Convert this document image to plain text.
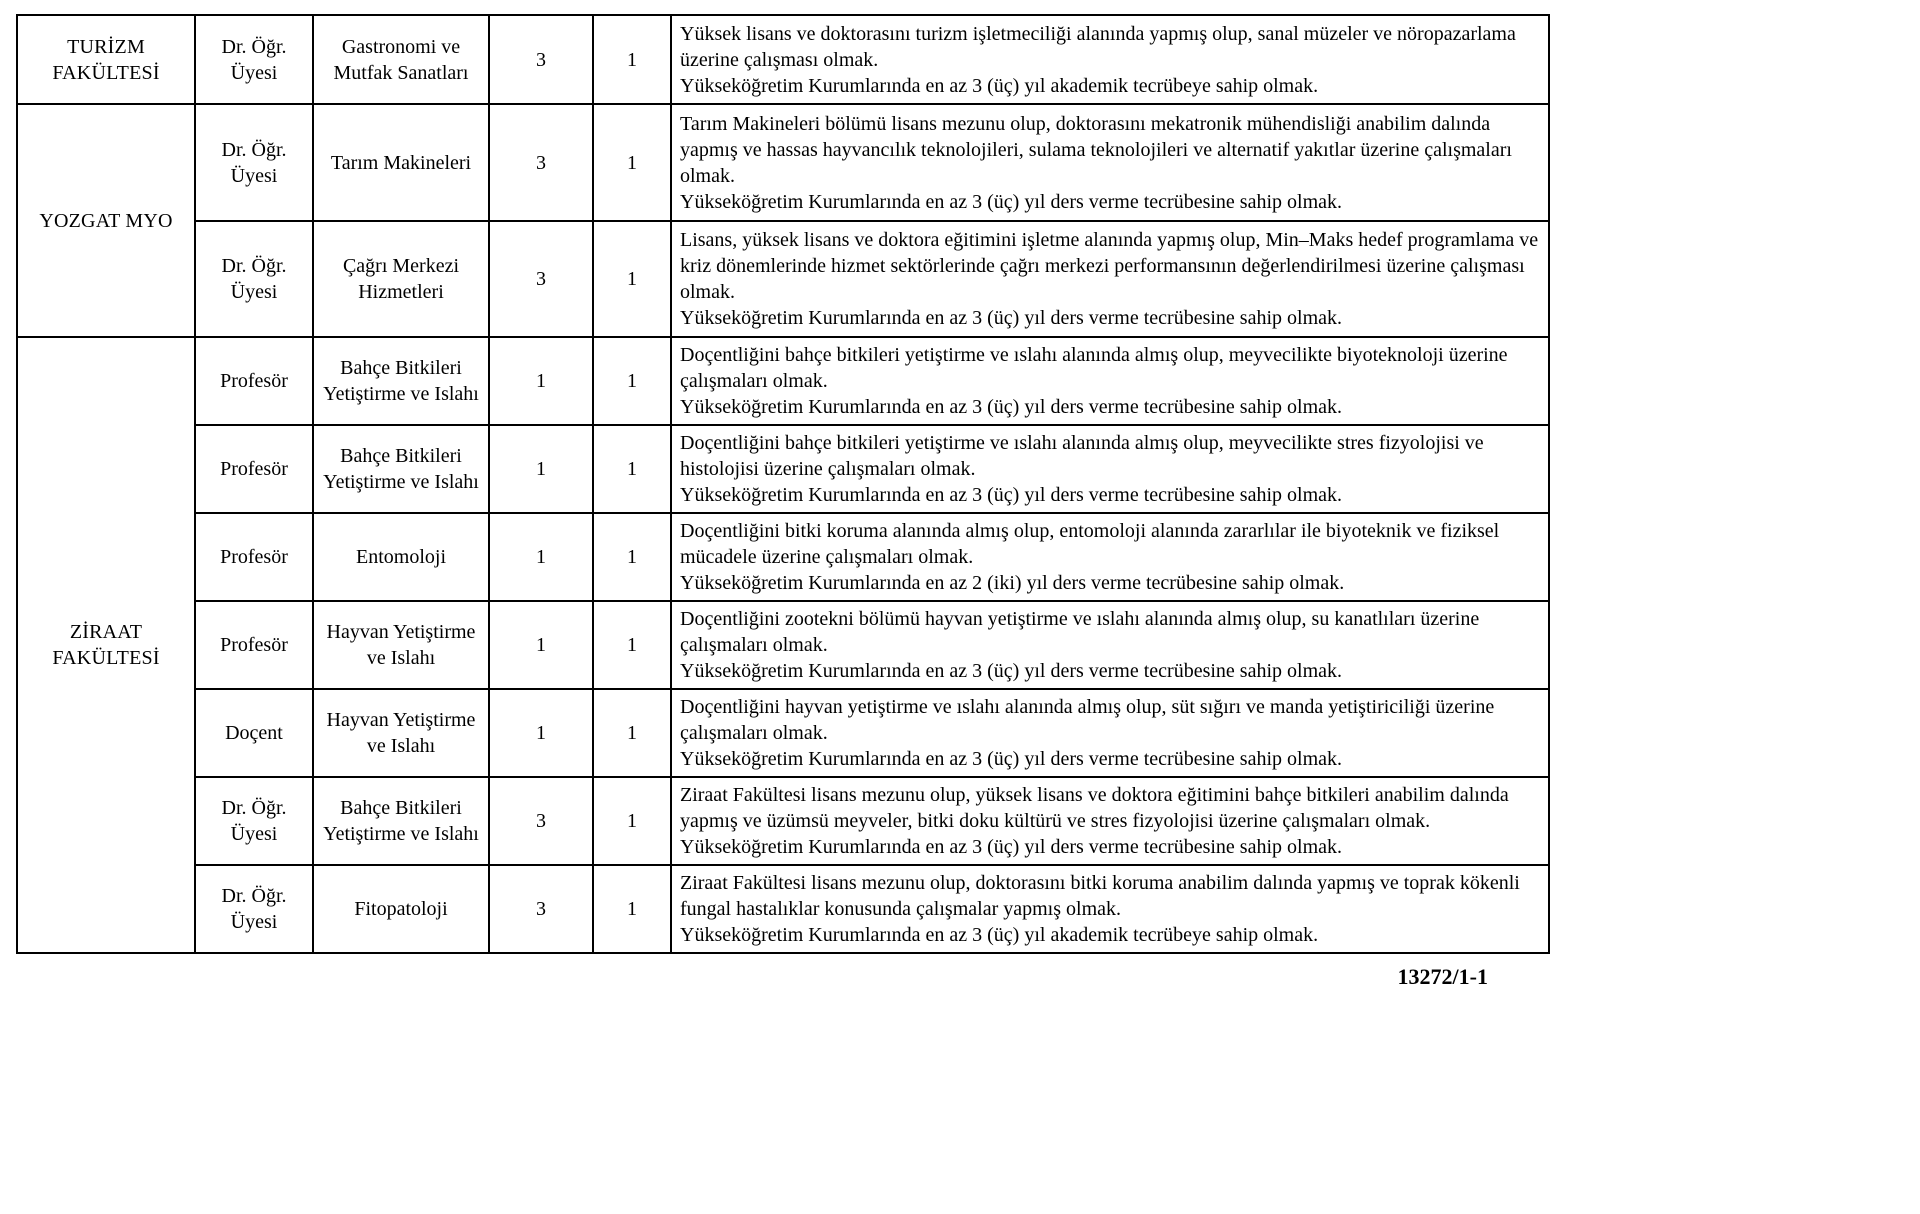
TURİZM FAKÜLTESİ	Dr. Öğr. Üyesi	Gastronomi ve Mutfak Sanatları	3	1	Yüksek lisans ve doktorasını turizm işletmeciliği alanında yapmış olup, sanal müzeler ve nöropazarlama üzerine çalışması olmak.
Yükseköğretim Kurumlarında en az 3 (üç) yıl akademik tecrübeye sahip olmak.

YOZGAT MYO	Dr. Öğr. Üyesi	Tarım Makineleri	3	1	Tarım Makineleri bölümü lisans mezunu olup, doktorasını mekatronik mühendisliği anabilim dalında yapmış ve hassas hayvancılık teknolojileri, sulama teknolojileri ve alternatif yakıtlar üzerine çalışmaları olmak.
Yükseköğretim Kurumlarında en az 3 (üç) yıl ders verme tecrübesine sahip olmak.

	Dr. Öğr. Üyesi	Çağrı Merkezi Hizmetleri	3	1	Lisans, yüksek lisans ve doktora eğitimini işletme alanında yapmış olup, Min–Maks hedef programlama ve kriz dönemlerinde hizmet sektörlerinde çağrı merkezi performansının değerlendirilmesi üzerine çalışması olmak.
Yükseköğretim Kurumlarında en az 3 (üç) yıl ders verme tecrübesine sahip olmak.

ZİRAAT FAKÜLTESİ	Profesör	Bahçe Bitkileri Yetiştirme ve Islahı	1	1	Doçentliğini bahçe bitkileri yetiştirme ve ıslahı alanında almış olup, meyvecilikte biyoteknoloji üzerine çalışmaları olmak.
Yükseköğretim Kurumlarında en az 3 (üç) yıl ders verme tecrübesine sahip olmak.

	Profesör	Bahçe Bitkileri Yetiştirme ve Islahı	1	1	Doçentliğini bahçe bitkileri yetiştirme ve ıslahı alanında almış olup, meyvecilikte stres fizyolojisi ve histolojisi üzerine çalışmaları olmak.
Yükseköğretim Kurumlarında en az 3 (üç) yıl ders verme tecrübesine sahip olmak.

	Profesör	Entomoloji	1	1	Doçentliğini bitki koruma alanında almış olup, entomoloji alanında zararlılar ile biyoteknik ve fiziksel mücadele üzerine çalışmaları olmak.
Yükseköğretim Kurumlarında en az 2 (iki) yıl ders verme tecrübesine sahip olmak.

	Profesör	Hayvan Yetiştirme ve Islahı	1	1	Doçentliğini zootekni bölümü hayvan yetiştirme ve ıslahı alanında almış olup, su kanatlıları üzerine çalışmaları olmak.
Yükseköğretim Kurumlarında en az 3 (üç) yıl ders verme tecrübesine sahip olmak.

	Doçent	Hayvan Yetiştirme ve Islahı	1	1	Doçentliğini hayvan yetiştirme ve ıslahı alanında almış olup, süt sığırı ve manda yetiştiriciliği üzerine çalışmaları olmak.
Yükseköğretim Kurumlarında en az 3 (üç) yıl ders verme tecrübesine sahip olmak.

	Dr. Öğr. Üyesi	Bahçe Bitkileri Yetiştirme ve Islahı	3	1	Ziraat Fakültesi lisans mezunu olup, yüksek lisans ve doktora eğitimini bahçe bitkileri anabilim dalında yapmış ve üzümsü meyveler, bitki doku kültürü ve stres fizyolojisi üzerine çalışmaları olmak.
Yükseköğretim Kurumlarında en az 3 (üç) yıl ders verme tecrübesine sahip olmak.

	Dr. Öğr. Üyesi	Fitopatoloji	3	1	Ziraat Fakültesi lisans mezunu olup, doktorasını bitki koruma anabilim dalında yapmış ve toprak kökenli fungal hastalıklar konusunda çalışmalar yapmış olmak.
Yükseköğretim Kurumlarında en az 3 (üç) yıl akademik tecrübeye sahip olmak.
13272/1-1
